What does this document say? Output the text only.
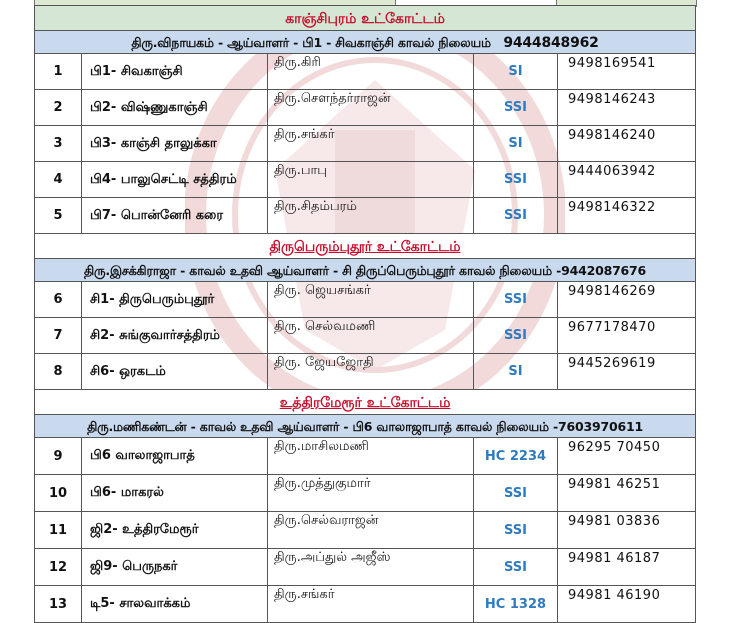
காஞ்சிபுரம் உட்கோட்டம்				
திரு.விநாயகம் - ஆய்வாளர் - பி1 - சிவகாஞ்சி காவல் நிலையம் 9444848962				
1	பி1- சிவகாஞ்சி	திரு.கிரி	SI	9498169541
2	பி2- விஷ்ணுகாஞ்சி	திரு.சௌந்தர்ராஜன்	SSI	9498146243
3	பி3- காஞ்சி தாலுக்கா	திரு.சங்கர்	SI	9498146240
4	பி4- பாலுசெட்டி சத்திரம்	திரு.பாபு	SSI	9444063942
5	பி7- பொன்னேரி கரை	திரு.சிதம்பரம்	SSI	9498146322
திருபெரும்புதூர் உட்கோட்டம்				
திரு.இசக்கிராஜா - காவல் உதவி ஆய்வாளர் - சி திருப்பெரும்புதூர் காவல் நிலையம் -9442087676				
6	சி1- திருபெரும்புதூர்	திரு. ஜெயசங்கர்	SSI	9498146269
7	சி2- சுங்குவார்சத்திரம்	திரு. செல்வமணி	SSI	9677178470
8	சி6- ஒரகடம்	திரு. ஜேயஜோதி	SI	9445269619
உத்திரமேரூர் உட்கோட்டம்				
திரு.மணிகண்டன் - காவல் உதவி ஆய்வாளர் - பி6 வாலாஜாபாத் காவல் நிலையம் -7603970611				
9	பி6 வாலாஜாபாத்	திரு.மாசிலமணி	HC 2234	96295 70450
10	பி6- மாகரல்	திரு.முத்துகுமார்	SSI	94981 46251
11	ஜி2- உத்திரமேரூர்	திரு.செல்வராஜன்	SSI	94981 03836
12	ஜி9- பெருநகர்	திரு.அப்துல் அஜீஸ்	SSI	94981 46187
13	டி5- சாலவாக்கம்	திரு.சங்கர்	HC 1328	94981 46190
